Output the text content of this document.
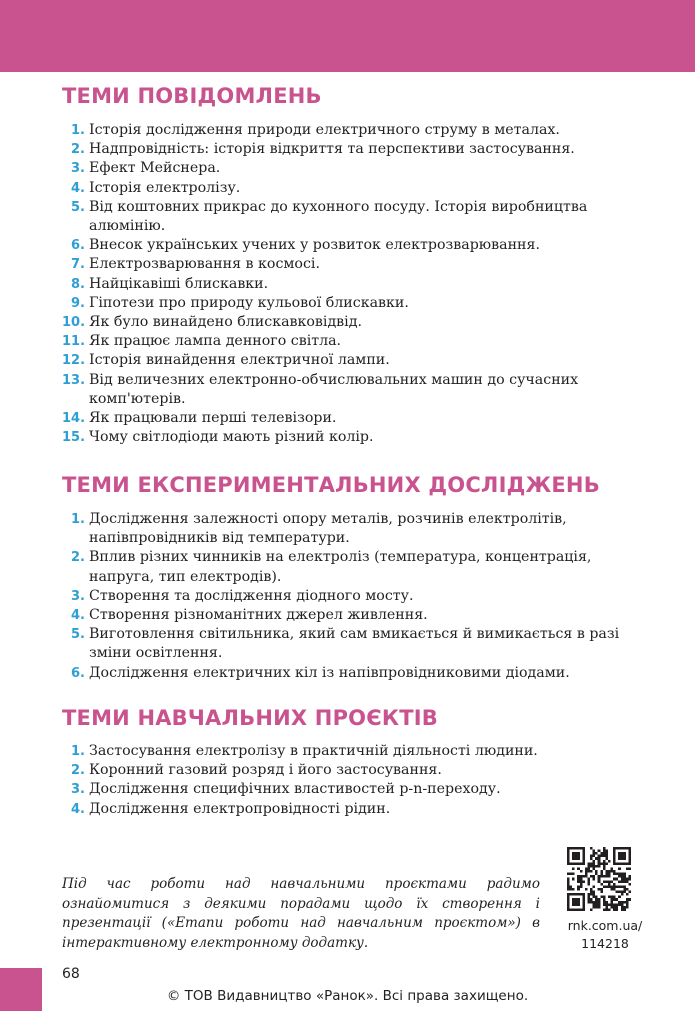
ТЕМИ ПОВІДОМЛЕНЬ
1. Історія дослідження природи електричного струму в металах.
2. Надпровідність: історія відкриття та перспективи застосування.
3. Ефект Мейснера.
4. Історія електролізу.
5. Від коштовних прикрас до кухонного посуду. Історія виробництва алюмінію.
6. Внесок українських учених у розвиток електрозварювання.
7. Електрозварювання в космосі.
8. Найцікавіші блискавки.
9. Гіпотези про природу кульової блискавки.
10. Як було винайдено блискавковідвід.
11. Як працює лампа денного світла.
12. Історія винайдення електричної лампи.
13. Від величезних електронно-обчислювальних машин до сучасних комп'ютерів.
14. Як працювали перші телевізори.
15. Чому світлодіоди мають різний колір.
ТЕМИ ЕКСПЕРИМЕНТАЛЬНИХ ДОСЛІДЖЕНЬ
1. Дослідження залежності опору металів, розчинів електролітів, напівпровідників від температури.
2. Вплив різних чинників на електроліз (температура, концентрація, напруга, тип електродів).
3. Створення та дослідження діодного мосту.
4. Створення різноманітних джерел живлення.
5. Виготовлення світильника, який сам вмикається й вимикається в разі зміни освітлення.
6. Дослідження електричних кіл із напівпровідниковими діодами.
ТЕМИ НАВЧАЛЬНИХ ПРОЄКТІВ
1. Застосування електролізу в практичній діяльності людини.
2. Коронний газовий розряд і його застосування.
3. Дослідження специфічних властивостей p-n-переходу.
4. Дослідження електропровідності рідин.

Під час роботи над навчальними проєктами радимо ознайомитися з деякими порадами щодо їх створення і презентації («Етапи роботи над навчальним проєктом») в інтерактивному електронному додатку.

rnk.com.ua/
114218
68
© ТОВ Видавництво «Ранок». Всі права захищено.
